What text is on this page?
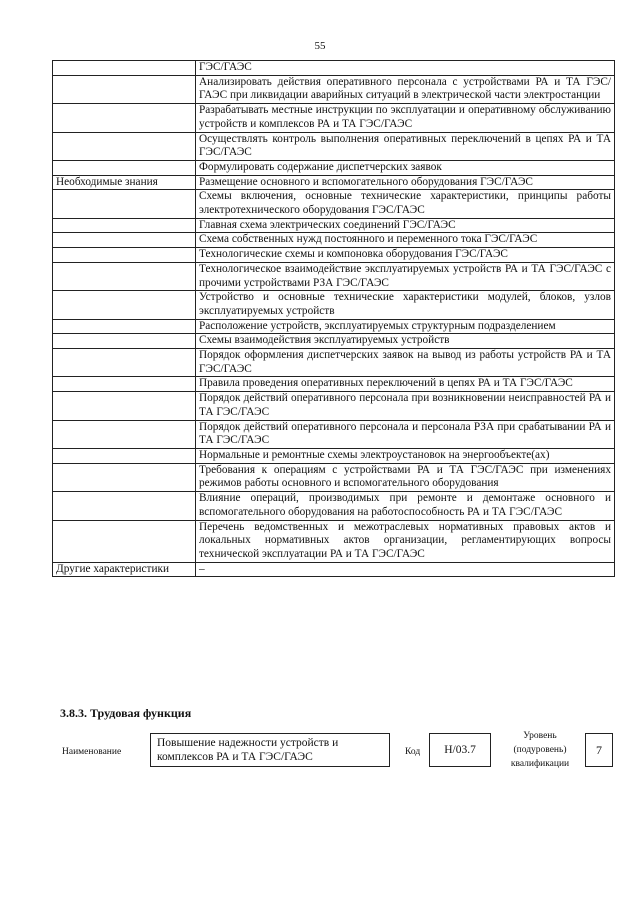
55
	ГЭС/ГАЭС
	Анализировать действия оперативного персонала с устройствами РА и ТА ГЭС/ГАЭС при ликвидации аварийных ситуаций в электрической части электростанции
	Разрабатывать местные инструкции по эксплуатации и оперативному обслуживанию устройств и комплексов РА и ТА ГЭС/ГАЭС
	Осуществлять контроль выполнения оперативных переключений в цепях РА и ТА ГЭС/ГАЭС
	Формулировать содержание диспетчерских заявок
Необходимые знания	Размещение основного и вспомогательного оборудования ГЭС/ГАЭС
	Схемы включения, основные технические характеристики, принципы работы электротехнического оборудования ГЭС/ГАЭС
	Главная схема электрических соединений ГЭС/ГАЭС
	Схема собственных нужд постоянного и переменного тока ГЭС/ГАЭС
	Технологические схемы и компоновка оборудования ГЭС/ГАЭС
	Технологическое взаимодействие эксплуатируемых устройств РА и ТА ГЭС/ГАЭС с прочими устройствами РЗА ГЭС/ГАЭС
	Устройство и основные технические характеристики модулей, блоков, узлов эксплуатируемых устройств
	Расположение устройств, эксплуатируемых структурным подразделением
	Схемы взаимодействия эксплуатируемых устройств
	Порядок оформления диспетчерских заявок на вывод из работы устройств РА и ТА ГЭС/ГАЭС
	Правила проведения оперативных переключений в цепях РА и ТА ГЭС/ГАЭС
	Порядок действий оперативного персонала при возникновении неисправностей РА и ТА ГЭС/ГАЭС
	Порядок действий оперативного персонала и персонала РЗА при срабатывании РА и ТА ГЭС/ГАЭС
	Нормальные и ремонтные схемы электроустановок на энергообъекте(ах)
	Требования к операциям с устройствами РА и ТА ГЭС/ГАЭС при изменениях режимов работы основного и вспомогательного оборудования
	Влияние операций, производимых при ремонте и демонтаже основного и вспомогательного оборудования на работоспособность РА и ТА ГЭС/ГАЭС
	Перечень ведомственных и межотраслевых нормативных правовых актов и локальных нормативных актов организации, регламентирующих вопросы технической эксплуатации РА и ТА ГЭС/ГАЭС
Другие характеристики	–
3.8.3. Трудовая функция
Наименование
Повышение надежности устройств и комплексов РА и ТА ГЭС/ГАЭС	Код	Н/03.7
Уровень (подуровень) квалификации
7
